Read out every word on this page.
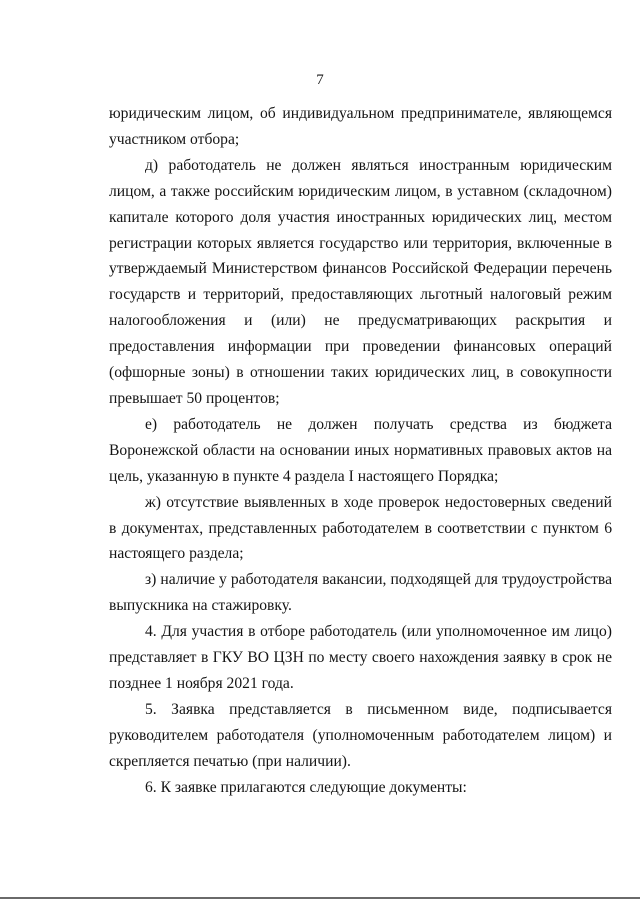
7

юридическим лицом, об индивидуальном предпринимателе, являющемся участником отбора;

д) работодатель не должен являться иностранным юридическим лицом, а также российским юридическим лицом, в уставном (складочном) капитале которого доля участия иностранных юридических лиц, местом регистрации которых является государство или территория, включенные в утверждаемый Министерством финансов Российской Федерации перечень государств и территорий, предоставляющих льготный налоговый режим налогообложения и (или) не предусматривающих раскрытия и предоставления информации при проведении финансовых операций (офшорные зоны) в отношении таких юридических лиц, в совокупности превышает 50 процентов;

е) работодатель не должен получать средства из бюджета Воронежской области на основании иных нормативных правовых актов на цель, указанную в пункте 4 раздела I настоящего Порядка;

ж) отсутствие выявленных в ходе проверок недостоверных сведений в документах, представленных работодателем в соответствии с пунктом 6 настоящего раздела;

з) наличие у работодателя вакансии, подходящей для трудоустройства выпускника на стажировку.

4. Для участия в отборе работодатель (или уполномоченное им лицо) представляет в ГКУ ВО ЦЗН по месту своего нахождения заявку в срок не позднее 1 ноября 2021 года.

5. Заявка представляется в письменном виде, подписывается руководителем работодателя (уполномоченным работодателем лицом) и скрепляется печатью (при наличии).

6. К заявке прилагаются следующие документы:
